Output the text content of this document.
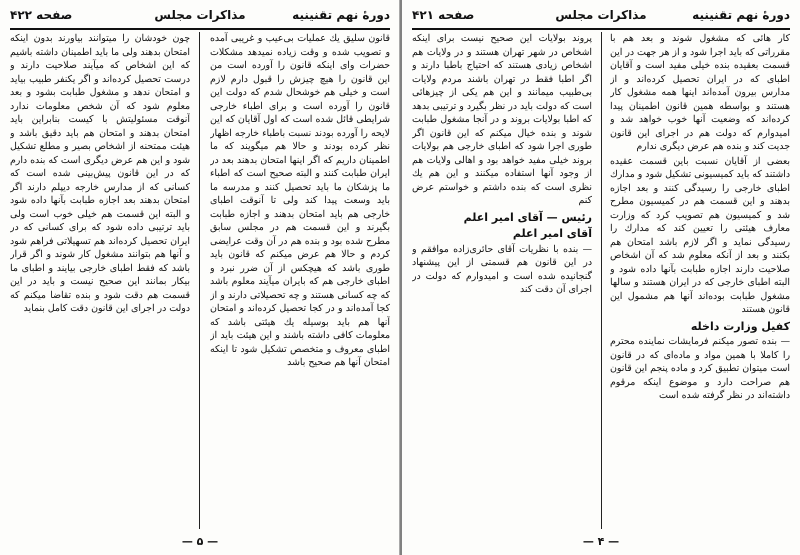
دورهٔ نهم تقنینیه
مذاکرات مجلس
صفحه ۴۲۲

قانون سلیق یك عملیات بی‌عیب و غریبی آمده و تصویب شده و وقت زیاده نمیدهد مشکلات حضرات وای اینکه قانون را آورده است من این قانون را هیچ چیزش را قبول دارم لازم است و خیلی هم خوشحال شدم که دولت این قانون را آورده است و برای اطباء خارجی شرایطی قائل شده است که اول آقایان که این لایحه را آورده بودند نسبت باطباء خارجه اظهار نظر کرده بودند و حالا هم میگویند که ما اطمینان داریم که اگر اینها امتحان بدهند بعد در ایران طبابت کنند و البته صحیح است که اطباء ما پزشکان ما باید تحصیل کنند و مدرسه ما باید وسعت پیدا کند ولی تا آنوقت اطبای خارجی هم باید امتحان بدهند و اجازه طبابت بگیرند و این قسمت هم در مجلس سابق مطرح شده بود و بنده هم در آن وقت عرایضی کردم و حالا هم عرض میکنم که قانون باید طوری باشد که هیچکس از آن ضرر نبرد و اطبای خارجی هم که بایران میآیند معلوم باشد که چه کسانی هستند و چه تحصیلاتی دارند و از کجا آمده‌اند و در کجا تحصیل کرده‌اند و امتحان آنها هم باید بوسیله یك هیئتی باشد که معلومات کافی داشته باشند و این هیئت باید از اطبای معروف و متخصص تشکیل شود تا اینکه امتحان آنها هم صحیح باشد

چون خودشان را میتوانند بیاورند بدون اینکه امتحان بدهند ولی ما باید اطمینان داشته باشیم که این اشخاص که میآیند صلاحیت دارند و درست تحصیل کرده‌اند و اگر یکنفر طبیب بیاید و امتحان ندهد و مشغول طبابت بشود و بعد معلوم شود که آن شخص معلومات ندارد آنوقت مسئولیتش با کیست بنابراین باید امتحان بدهند و امتحان هم باید دقیق باشد و هیئت ممتحنه از اشخاص بصیر و مطلع تشکیل شود و این هم عرض دیگری است که بنده دارم که در این قانون پیش‌بینی شده است که کسانی که از مدارس خارجه دیپلم دارند اگر امتحان بدهند بعد اجازه طبابت بآنها داده شود و البته این قسمت هم خیلی خوب است ولی باید ترتیبی داده شود که برای کسانی که در ایران تحصیل کرده‌اند هم تسهیلاتی فراهم شود و آنها هم بتوانند مشغول کار شوند و اگر قرار باشد که فقط اطبای خارجی بیایند و اطبای ما بیکار بمانند این صحیح نیست و باید در این قسمت هم دقت شود و بنده تقاضا میکنم که دولت در اجرای این قانون دقت کامل بنماید

— ۵ —
دورهٔ نهم تقنینیه
مذاکرات مجلس
صفحه ۴۲۱

کار هائی که مشغول شوند و بعد هم با مقرراتی که باید اجرا شود و از هر جهت در این قسمت بعقیده بنده خیلی مفید است و آقایان اطبای که در ایران تحصیل کرده‌اند و از مدارس بیرون آمده‌اند اینها همه مشغول کار هستند و بواسطه همین قانون اطمینان پیدا کرده‌اند که وضعیت آنها خوب خواهد شد و امیدوارم که دولت هم در اجرای این قانون جدیت کند و بنده هم عرض دیگری ندارم

بعضی از آقایان نسبت باین قسمت عقیده داشتند که باید کمیسیونی تشکیل شود و مدارك اطبای خارجی را رسیدگی کنند و بعد اجازه بدهند و این قسمت هم در کمیسیون مطرح شد و کمیسیون هم تصویب کرد که وزارت معارف هیئتی را تعیین کند که مدارك را رسیدگی نماید و اگر لازم باشد امتحان هم بکنند و بعد از آنکه معلوم شد که آن اشخاص صلاحیت دارند اجازه طبابت بآنها داده شود و البته اطبای خارجی که در ایران هستند و سالها مشغول طبابت بوده‌اند آنها هم مشمول این قانون هستند

کفیل وزارت داخله

— بنده تصور میکنم فرمایشات نماینده محترم را کاملا با همین مواد و ماده‌ای که در قانون است میتوان تطبیق کرد و ماده پنجم این قانون هم صراحت دارد و موضوع اینکه مرقوم داشته‌اند در نظر گرفته شده است

پروند بولایات این صحیح نیست برای اینکه اشخاص در شهر تهران هستند و در ولایات هم اشخاص زیادی هستند که احتیاج باطبا دارند و اگر اطبا فقط در تهران باشند مردم ولایات بی‌طبیب میمانند و این هم یکی از چیزهائی است که دولت باید در نظر بگیرد و ترتیبی بدهد که اطبا بولایات بروند و در آنجا مشغول طبابت شوند و بنده خیال میکنم که این قانون اگر طوری اجرا شود که اطبای خارجی هم بولایات بروند خیلی مفید خواهد بود و اهالی ولایات هم از وجود آنها استفاده میکنند و این هم یك نظری است که بنده داشتم و خواستم عرض کنم

رئیس — آقای امیر اعلم
آقای امیر اعلم

— بنده با نظریات آقای حائری‌زاده موافقم و در این قانون هم قسمتی از این پیشنهاد گنجانیده شده است و امیدوارم که دولت در اجرای آن دقت کند

— ۴ —
